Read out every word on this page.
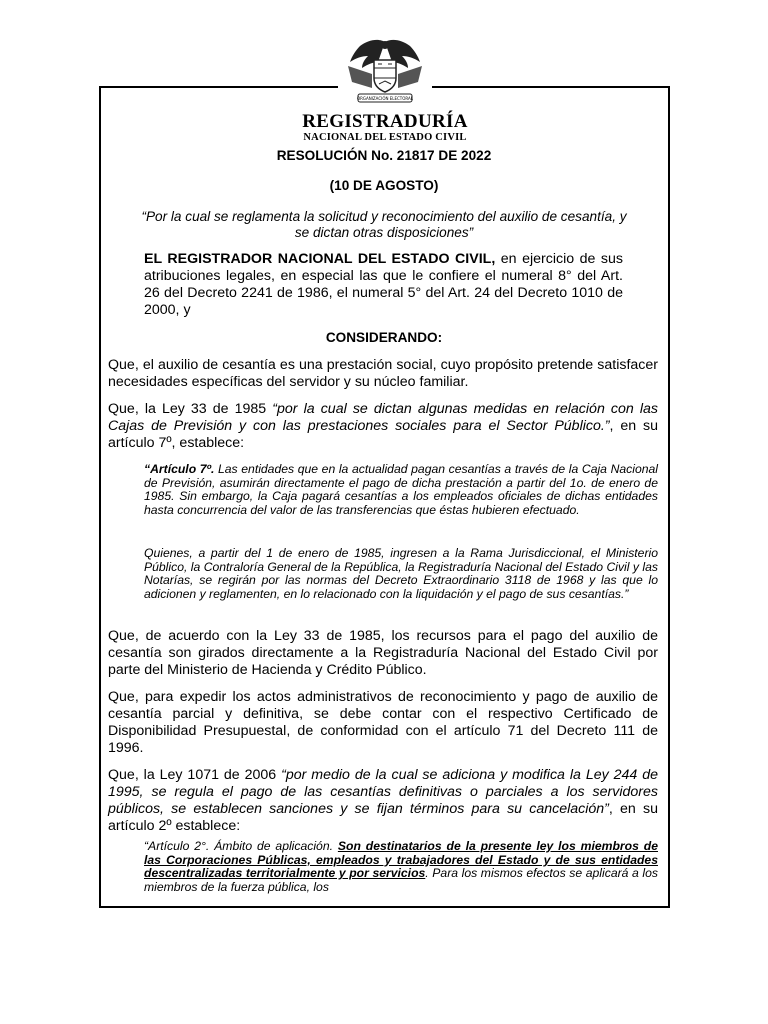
ORGANIZACIÓN ELECTORAL
REGISTRADURÍA
NACIONAL DEL ESTADO CIVIL

RESOLUCIÓN No. 21817 DE 2022

(10 DE AGOSTO)

“Por la cual se reglamenta la solicitud y reconocimiento del auxilio de cesantía, y se dictan otras disposiciones”

EL REGISTRADOR NACIONAL DEL ESTADO CIVIL, en ejercicio de sus atribuciones legales, en especial las que le confiere el numeral 8° del Art. 26 del Decreto 2241 de 1986, el numeral 5° del Art. 24 del Decreto 1010 de 2000, y

CONSIDERANDO:

Que, el auxilio de cesantía es una prestación social, cuyo propósito pretende satisfacer necesidades específicas del servidor y su núcleo familiar.

Que, la Ley 33 de 1985 “por la cual se dictan algunas medidas en relación con las Cajas de Previsión y con las prestaciones sociales para el Sector Público.”, en su artículo 7º, establece:

“Artículo 7º. Las entidades que en la actualidad pagan cesantías a través de la Caja Nacional de Previsión, asumirán directamente el pago de dicha prestación a partir del 1o. de enero de 1985. Sin embargo, la Caja pagará cesantías a los empleados oficiales de dichas entidades hasta concurrencia del valor de las transferencias que éstas hubieren efectuado.

Quienes, a partir del 1 de enero de 1985, ingresen a la Rama Jurisdiccional, el Ministerio Público, la Contraloría General de la República, la Registraduría Nacional del Estado Civil y las Notarías, se regirán por las normas del Decreto Extraordinario 3118 de 1968 y las que lo adicionen y reglamenten, en lo relacionado con la liquidación y el pago de sus cesantías.”

Que, de acuerdo con la Ley 33 de 1985, los recursos para el pago del auxilio de cesantía son girados directamente a la Registraduría Nacional del Estado Civil por parte del Ministerio de Hacienda y Crédito Público.

Que, para expedir los actos administrativos de reconocimiento y pago de auxilio de cesantía parcial y definitiva, se debe contar con el respectivo Certificado de Disponibilidad Presupuestal, de conformidad con el artículo 71 del Decreto 111 de 1996.

Que, la Ley 1071 de 2006 “por medio de la cual se adiciona y modifica la Ley 244 de 1995, se regula el pago de las cesantías definitivas o parciales a los servidores públicos, se establecen sanciones y se fijan términos para su cancelación”, en su artículo 2º establece:

“Artículo 2°. Ámbito de aplicación. Son destinatarios de la presente ley los miembros de las Corporaciones Públicas, empleados y trabajadores del Estado y de sus entidades descentralizadas territorialmente y por servicios. Para los mismos efectos se aplicará a los miembros de la fuerza pública, los
